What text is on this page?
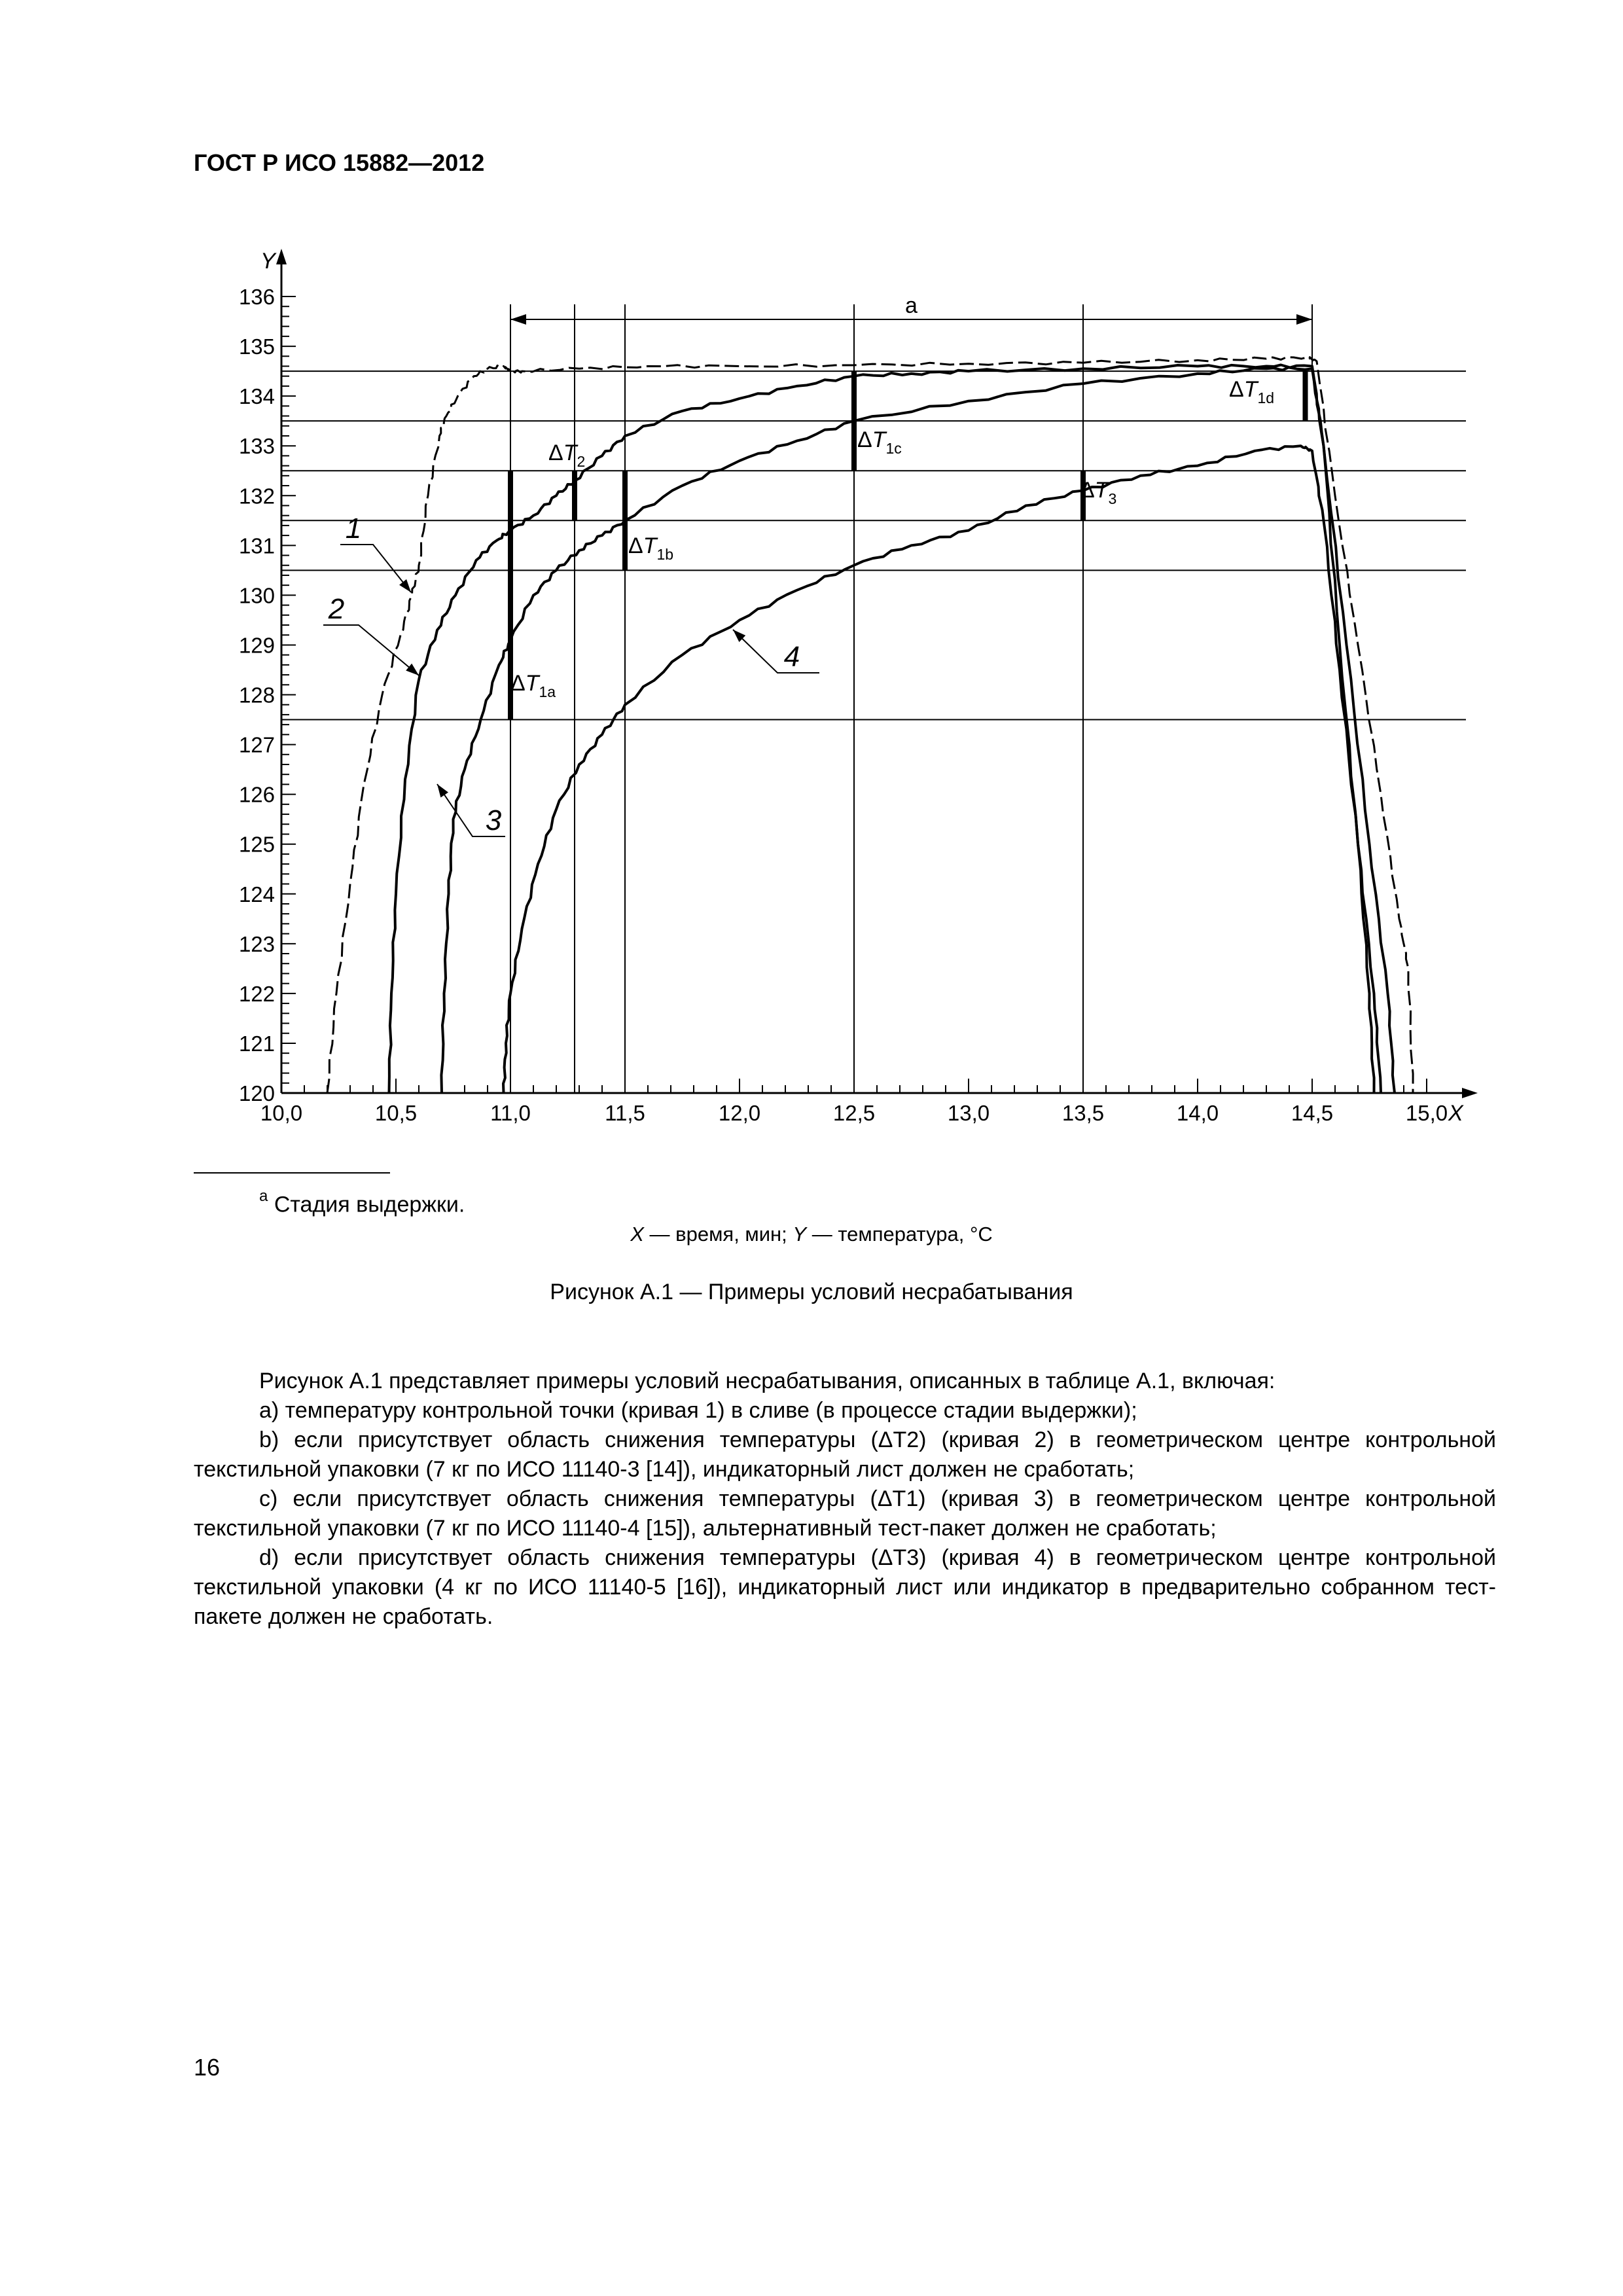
ГОСТ Р ИСО 15882—2012
a
Y
X
120
121
122
123
124
125
126
127
128
129
130
131
132
133
134
135
136
10,0	10,5	11,0	11,5	12,0	12,5	13,0	13,5	14,0	14,5	15,0
$\Delta T_{1a}$
$\Delta T_2$
$\Delta T_{1b}$
$\Delta T_{1c}$
$\Delta T_3$
$\Delta T_{1d}$
1
2
3
4
$^a$ Стадия выдержки.
X — время, мин; Y — температура, °С
Рисунок А.1 — Примеры условий несрабатывания

Рисунок А.1 представляет примеры условий несрабатывания, описанных в таблице А.1, включая:

a) температуру контрольной точки (кривая 1) в сливе (в процессе стадии выдержки);

b) если присутствует область снижения температуры (ΔT2) (кривая 2) в геометрическом центре контрольной текстильной упаковки (7 кг по ИСО 11140-3 [14]), индикаторный лист должен не сработать;

c) если присутствует область снижения температуры (ΔT1) (кривая 3) в геометрическом центре контрольной текстильной упаковки (7 кг по ИСО 11140-4 [15]), альтернативный тест-пакет должен не сработать;

d) если присутствует область снижения температуры (ΔT3) (кривая 4) в геометрическом центре контрольной текстильной упаковки (4 кг по ИСО 11140-5 [16]), индикаторный лист или индикатор в предварительно собранном тест-пакете должен не сработать.

16
